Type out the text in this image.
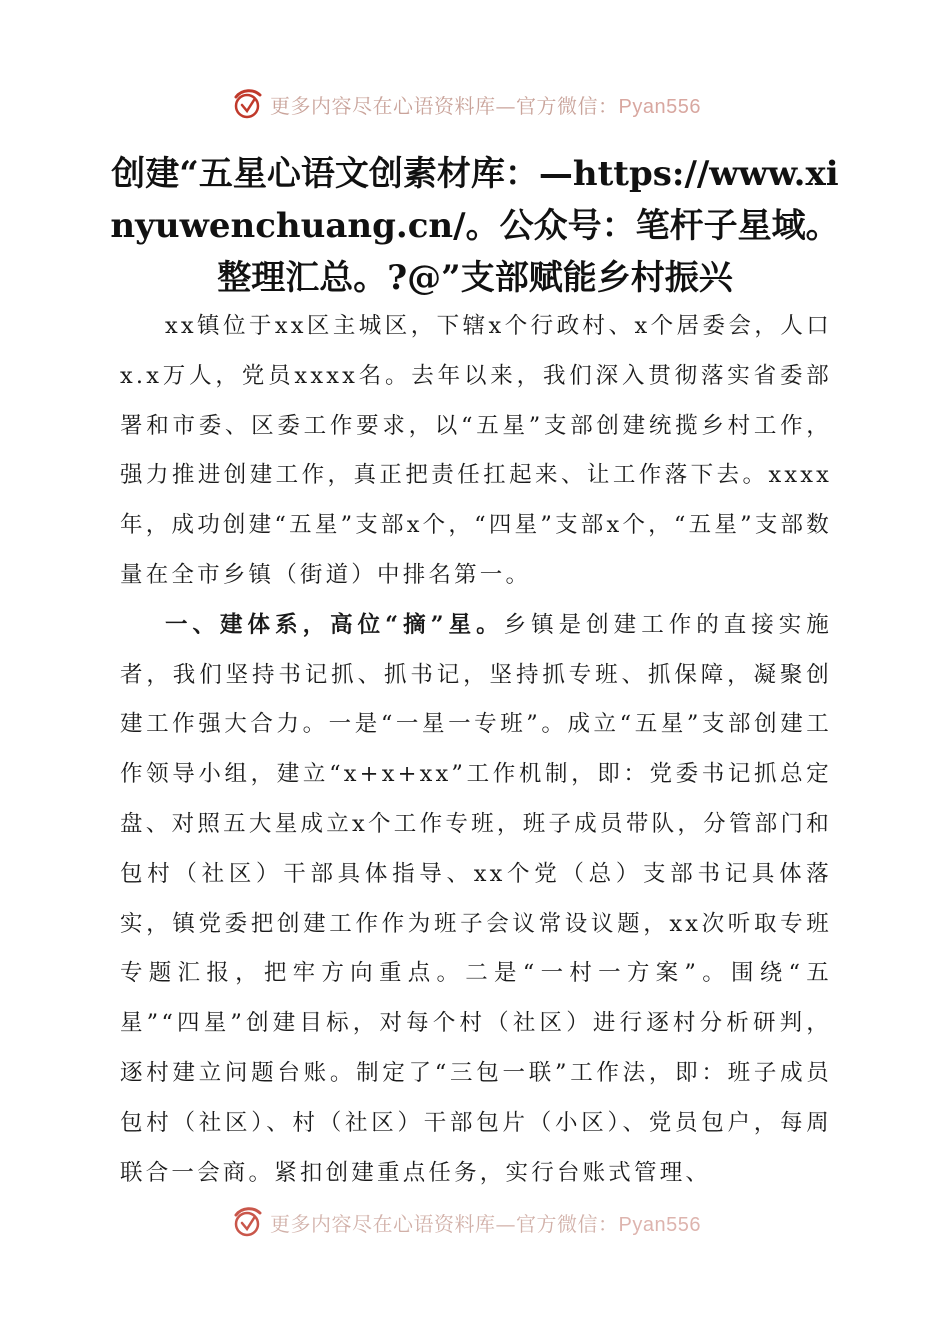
更多内容尽在心语资料库—官方微信：Pyan556
创建“五星心语文创素材库：—https://www.xinyuwenchuang.cn/。公众号：笔杆子星域。整理汇总。?@”支部赋能乡村振兴

xx镇位于xx区主城区，下辖x个行政村、x个居委会，人口x.x万人，党员xxxx名。去年以来，我们深入贯彻落实省委部署和市委、区委工作要求，以“五星”支部创建统揽乡村工作，强力推进创建工作，真正把责任扛起来、让工作落下去。xxxx年，成功创建“五星”支部x个，“四星”支部x个，“五星”支部数量在全市乡镇（街道）中排名第一。

一、建体系，高位“摘”星。乡镇是创建工作的直接实施者，我们坚持书记抓、抓书记，坚持抓专班、抓保障，凝聚创建工作强大合力。一是“一星一专班”。成立“五星”支部创建工作领导小组，建立“x+x+xx”工作机制，即：党委书记抓总定盘、对照五大星成立x个工作专班，班子成员带队，分管部门和包村（社区）干部具体指导、xx个党（总）支部书记具体落实，镇党委把创建工作作为班子会议常设议题，xx次听取专班专题汇报，把牢方向重点。二是“一村一方案”。围绕“五星”“四星”创建目标，对每个村（社区）进行逐村分析研判，逐村建立问题台账。制定了“三包一联”工作法，即：班子成员包村（社区）、村（社区）干部包片（小区）、党员包户，每周联合一会商。紧扣创建重点任务，实行台账式管理、

更多内容尽在心语资料库—官方微信：Pyan556
